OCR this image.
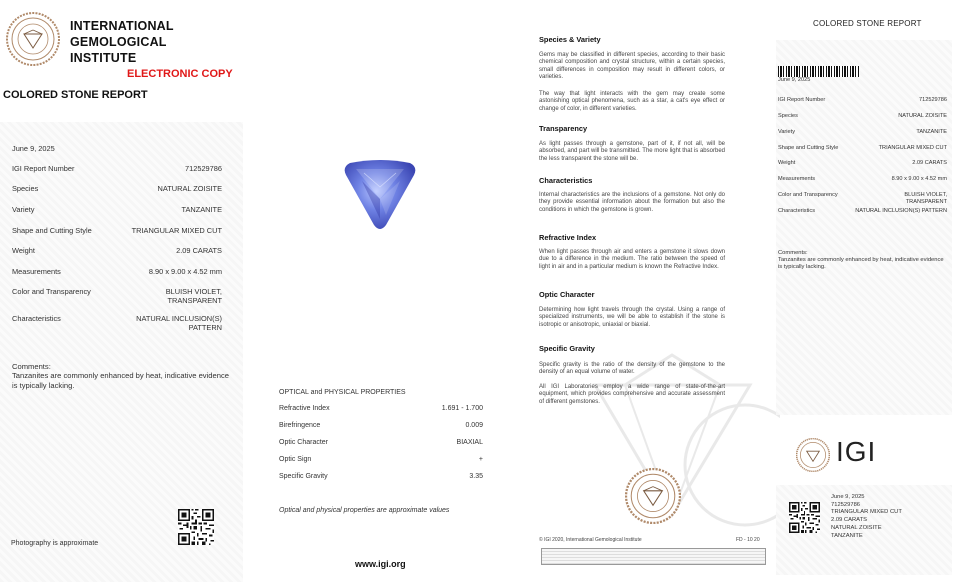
INTERNATIONAL
GEMOLOGICAL
INSTITUTE
ELECTRONIC COPY
COLORED STONE REPORT
June 9, 2025
IGI Report Number	712529786
Species	NATURAL ZOISITE
Variety	TANZANITE
Shape and Cutting Style	TRIANGULAR MIXED CUT
Weight	2.09 CARATS
Measurements	8.90 x 9.00 x 4.52 mm
Color and Transparency	BLUISH VIOLET, TRANSPARENT
Characteristics	NATURAL INCLUSION(S) PATTERN
Comments:
Tanzanites are commonly enhanced by heat, indicative evidence is typically lacking.
Photography is approximate
OPTICAL and PHYSICAL PROPERTIES
Refractive Index	1.691 - 1.700
Birefringence	0.009
Optic Character	BIAXIAL
Optic Sign	+
Specific Gravity	3.35
Optical and physical properties are approximate values
www.igi.org
Species & Variety
Gems may be classified in different species, according to their basic chemical composition and crystal structure, within a certain species, small differences in composition may result in different colors, or varieties.
The way that light interacts with the gem may create some astonishing optical phenomena, such as a star, a cat's eye effect or change of color, in different varieties.
Transparency
As light passes through a gemstone, part of it, if not all, will be absorbed, and part will be transmitted. The more light that is absorbed the less transparent the stone will be.
Characteristics
Internal characteristics are the inclusions of a gemstone. Not only do they provide essential information about the formation but also the conditions in which the gemstone is grown.
Refractive Index
When light passes through air and enters a gemstone it slows down due to a difference in the medium. The ratio between the speed of light in air and in a particular medium is known the Refractive Index.
Optic Character
Determining how light travels through the crystal. Using a range of specialized instruments, we will be able to establish if the stone is isotropic or anisotropic, uniaxial or biaxial.
Specific Gravity
Specific gravity is the ratio of the density of the gemstone to the density of an equal volume of water.
All IGI Laboratories employ a wide range of state-of-the-art equipment, which provides comprehensive and accurate assessment of different gemstones.
© IGI 2020, International Gemological Institute	FD - 10 20
COLORED STONE REPORT
June 9, 2025
IGI Report Number	712529786
Species	NATURAL ZOISITE
Variety	TANZANITE
Shape and Cutting Style	TRIANGULAR MIXED CUT
Weight	2.09 CARATS
Measurements	8.90 x 9.00 x 4.52 mm
Color and Transparency	BLUISH VIOLET, TRANSPARENT
Characteristics	NATURAL INCLUSION(S) PATTERN
Comments:
Tanzanites are commonly enhanced by heat, indicative evidence is typically lacking.
IGI
June 9, 2025
712529786
TRIANGULAR MIXED CUT
2.09 CARATS
NATURAL ZOISITE
TANZANITE
